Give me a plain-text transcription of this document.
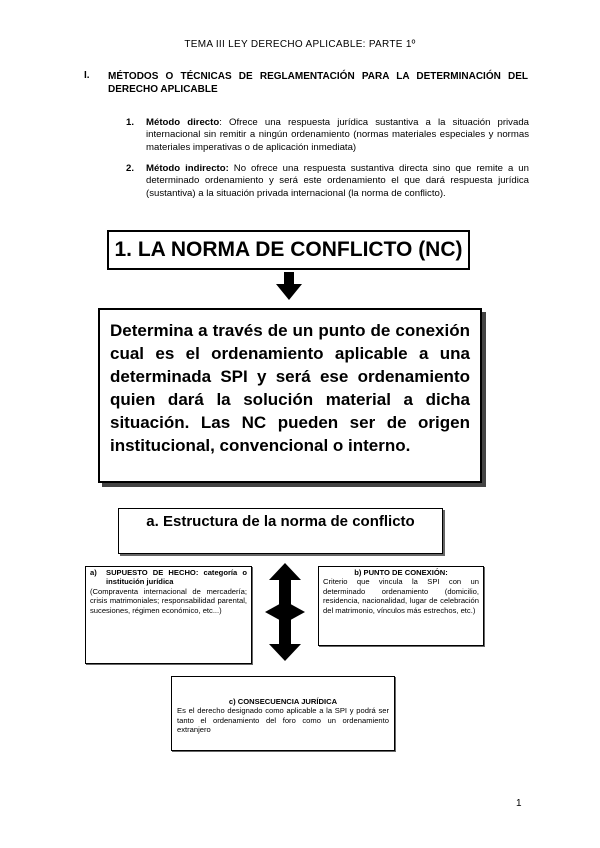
TEMA III LEY DERECHO APLICABLE: PARTE 1º
I. MÉTODOS O TÉCNICAS DE REGLAMENTACIÓN PARA LA DETERMINACIÓN DEL DERECHO APLICABLE
1. Método directo: Ofrece una respuesta jurídica sustantiva a la situación privada internacional sin remitir a ningún ordenamiento (normas materiales especiales y normas materiales imperativas o de aplicación inmediata)
2. Método indirecto: No ofrece una respuesta sustantiva directa sino que remite a un determinado ordenamiento y será este ordenamiento el que dará respuesta jurídica (sustantiva) a la situación privada internacional (la norma de conflicto).
1. LA NORMA DE CONFLICTO (NC)

Determina a través de un punto de conexión cual es el ordenamiento aplicable a una determinada SPI y será ese ordenamiento quien dará la solución material a dicha situación. Las NC pueden ser de origen institucional, convencional o interno.

a. Estructura de la norma de conflicto
a) SUPUESTO DE HECHO: categoría o institución jurídica
(Compraventa internacional de mercadería; crisis matrimoniales; responsabilidad parental, sucesiones, régimen económico, etc...)
b) PUNTO DE CONEXIÓN:
Criterio que vincula la SPI con un determinado ordenamiento (domicilio, residencia, nacionalidad, lugar de celebración del matrimonio, vínculos más estrechos, etc.)
c) CONSECUENCIA JURÍDICA
Es el derecho designado como aplicable a la SPI y podrá ser tanto el ordenamiento del foro como un ordenamiento extranjero
1
